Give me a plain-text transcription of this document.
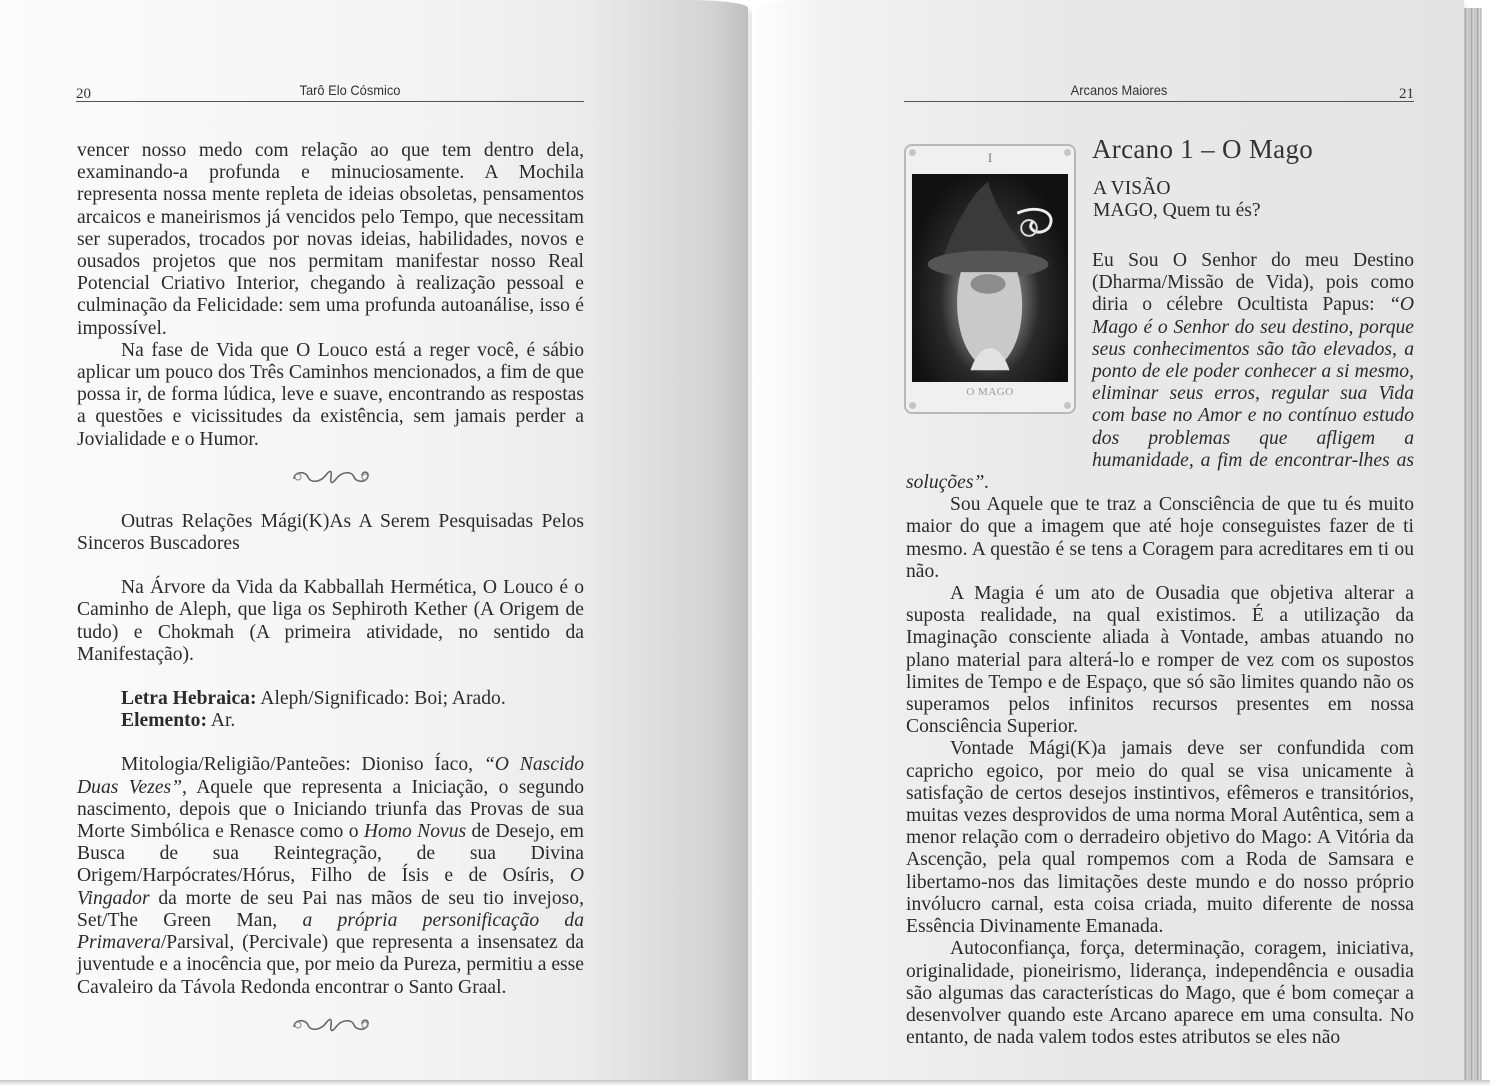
20	Tarô Elo Cósmico

vencer nosso medo com relação ao que tem dentro dela, examinando-a profunda e minuciosamente. A Mochila representa nossa mente repleta de ideias obsoletas, pensamentos arcaicos e maneirismos já vencidos pelo Tempo, que necessitam ser superados, trocados por novas ideias, habilidades, novos e ousados projetos que nos permitam manifestar nosso Real Potencial Criativo Interior, chegando à realização pessoal e culminação da Felicidade: sem uma profunda autoanálise, isso é impossível.

Na fase de Vida que O Louco está a reger você, é sábio aplicar um pouco dos Três Caminhos mencionados, a fim de que possa ir, de forma lúdica, leve e suave, encontrando as respostas a questões e vicissitudes da existência, sem jamais perder a Jovialidade e o Humor.

Outras Relações Mági(K)As A Serem Pesquisadas Pelos Sinceros Buscadores

Na Árvore da Vida da Kabballah Hermética, O Louco é o Caminho de Aleph, que liga os Sephiroth Kether (A Origem de tudo) e Chokmah (A primeira atividade, no sentido da Manifestação).

Letra Hebraica: Aleph/Significado: Boi; Arado.

Elemento: Ar.

Mitologia/Religião/Panteões: Dioniso Íaco, “O Nascido Duas Vezes”, Aquele que representa a Iniciação, o segundo nascimento, depois que o Iniciando triunfa das Provas de sua Morte Simbólica e Renasce como o Homo Novus de Desejo, em Busca de sua Reintegração, de sua Divina Origem/Harpócrates/Hórus, Filho de Ísis e de Osíris, O Vingador da morte de seu Pai nas mãos de seu tio invejoso, Set/The Green Man, a própria personificação da Primavera/Parsival, (Percivale) que representa a insensatez da juventude e a inocência que, por meio da Pureza, permitiu a esse Cavaleiro da Távola Redonda encontrar o Santo Graal.

Arcanos Maiores	21
I
O MAGO
Arcano 1 – O Mago
A VISÃO
MAGO, Quem tu és?

Eu Sou O Senhor do meu Destino (Dharma/Missão de Vida), pois como diria o célebre Ocultista Papus: “O Mago é o Senhor do seu destino, porque seus conhecimentos são tão elevados, a ponto de ele poder conhecer a si mesmo, eliminar seus erros, regular sua Vida com base no Amor e no contínuo estudo dos problemas que afligem a humanidade, a fim de encontrar-lhes as soluções”.

Sou Aquele que te traz a Consciência de que tu és muito maior do que a imagem que até hoje conseguistes fazer de ti mesmo. A questão é se tens a Coragem para acreditares em ti ou não.

A Magia é um ato de Ousadia que objetiva alterar a suposta realidade, na qual existimos. É a utilização da Imaginação consciente aliada à Vontade, ambas atuando no plano material para alterá-lo e romper de vez com os supostos limites de Tempo e de Espaço, que só são limites quando não os superamos pelos infinitos recursos presentes em nossa Consciência Superior.

Vontade Mági(K)a jamais deve ser confundida com capricho egoico, por meio do qual se visa unicamente à satisfação de certos desejos instintivos, efêmeros e transitórios, muitas vezes desprovidos de uma norma Moral Autêntica, sem a menor relação com o derradeiro objetivo do Mago: A Vitória da Ascenção, pela qual rompemos com a Roda de Samsara e libertamo-nos das limitações deste mundo e do nosso próprio invólucro carnal, esta coisa criada, muito diferente de nossa Essência Divinamente Emanada.

Autoconfiança, força, determinação, coragem, iniciativa, originalidade, pioneirismo, liderança, independência e ousadia são algumas das características do Mago, que é bom começar a desenvolver quando este Arcano aparece em uma consulta. No entanto, de nada valem todos estes atributos se eles não
